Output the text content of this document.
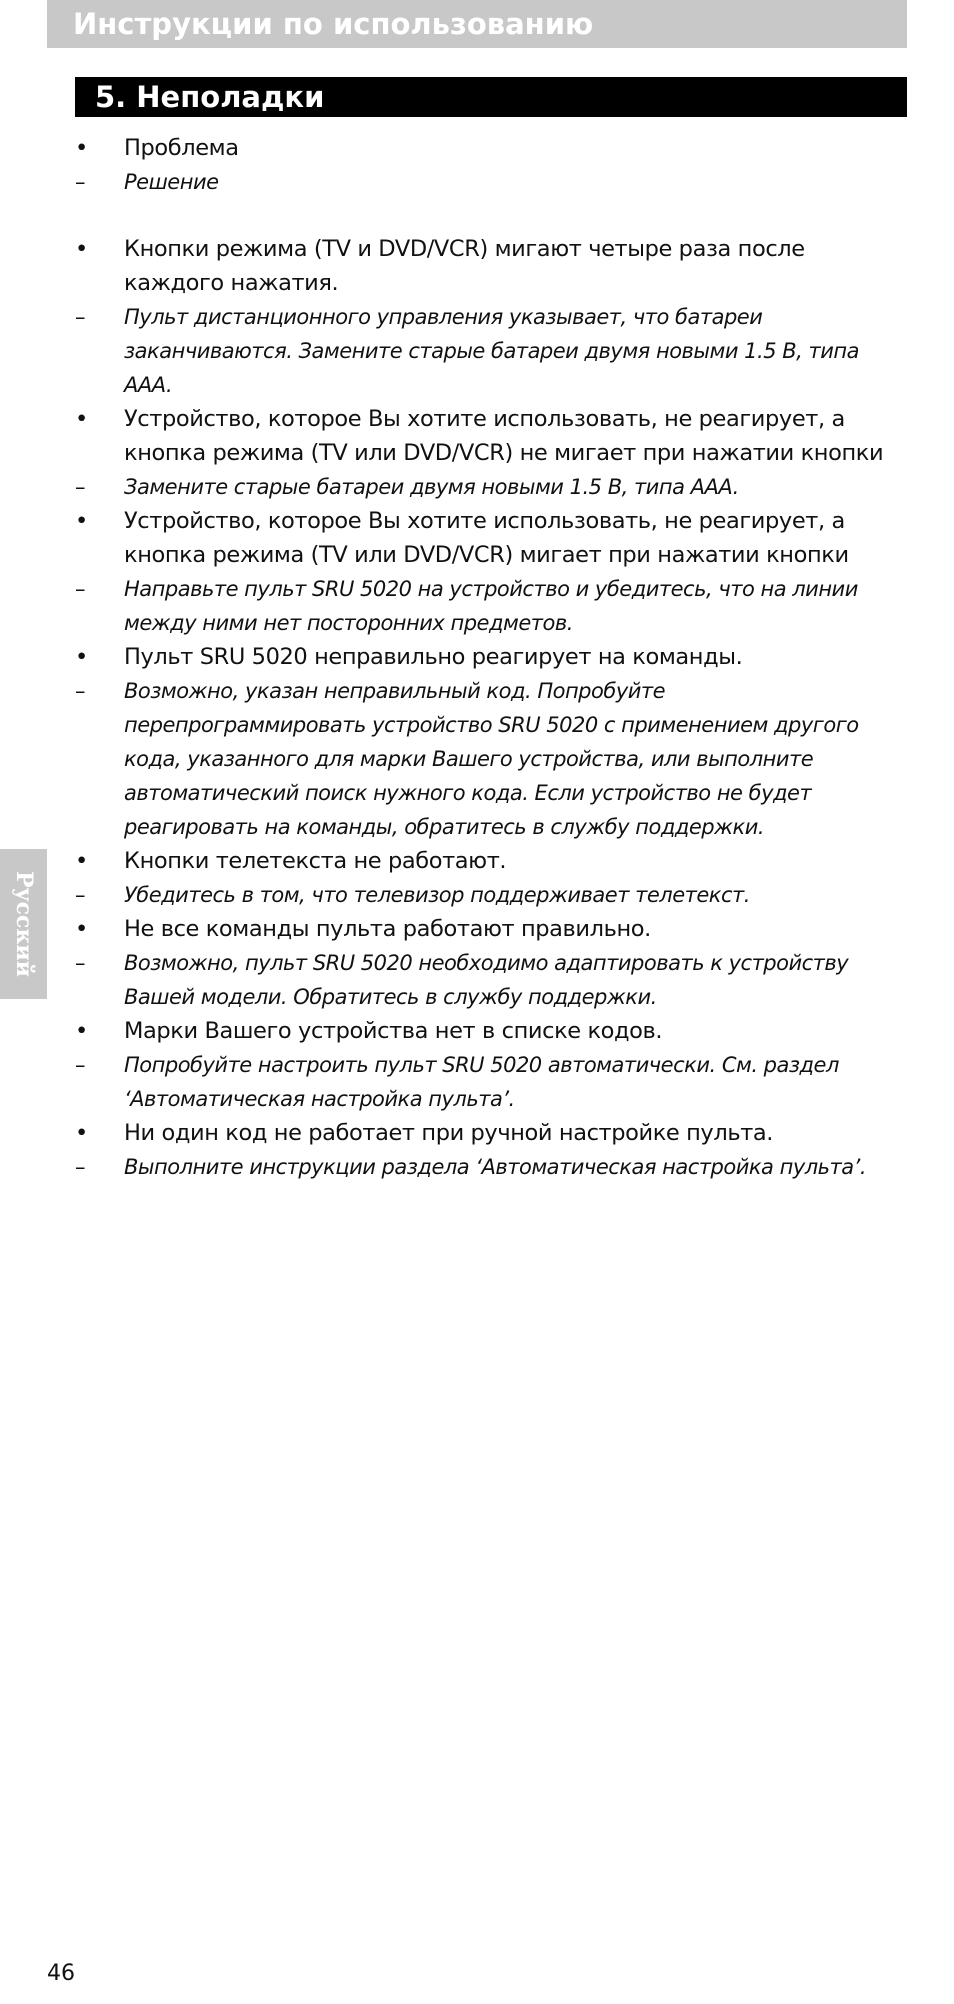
Инструкции по использованию
5. Неполадки
•	Проблема
–	Решение
•	Кнопки режима (TV и DVD/VCR) мигают четыре раза после каждого нажатия.
–	Пульт дистанционного управления указывает, что батареи заканчиваются. Замените старые батареи двумя новыми 1.5 В, типа AAA.
•	Устройство, которое Вы хотите использовать, не реагирует, а кнопка режима (TV или DVD/VCR) не мигает при нажатии кнопки
–	Замените старые батареи двумя новыми 1.5 В, типа AAA.
•	Устройство, которое Вы хотите использовать, не реагирует, а кнопка режима (TV или DVD/VCR) мигает при нажатии кнопки
–	Направьте пульт SRU 5020 на устройство и убедитесь, что на линии между ними нет посторонних предметов.
•	Пульт SRU 5020 неправильно реагирует на команды.
–	Возможно, указан неправильный код. Попробуйте перепрограммировать устройство SRU 5020 с применением другого кода, указанного для марки Вашего устройства, или выполните автоматический поиск нужного кода. Если устройство не будет реагировать на команды, обратитесь в службу поддержки.
•	Кнопки телетекста не работают.
–	Убедитесь в том, что телевизор поддерживает телетекст.
•	Не все команды пульта работают правильно.
–	Возможно, пульт SRU 5020 необходимо адаптировать к устройству Вашей модели. Обратитесь в службу поддержки.
•	Марки Вашего устройства нет в списке кодов.
–	Попробуйте настроить пульт SRU 5020 автоматически. См. раздел ‘Автоматическая настройка пульта’.
•	Ни один код не работает при ручной настройке пульта.
–	Выполните инструкции раздела ‘Автоматическая настройка пульта’.
Русский
46
